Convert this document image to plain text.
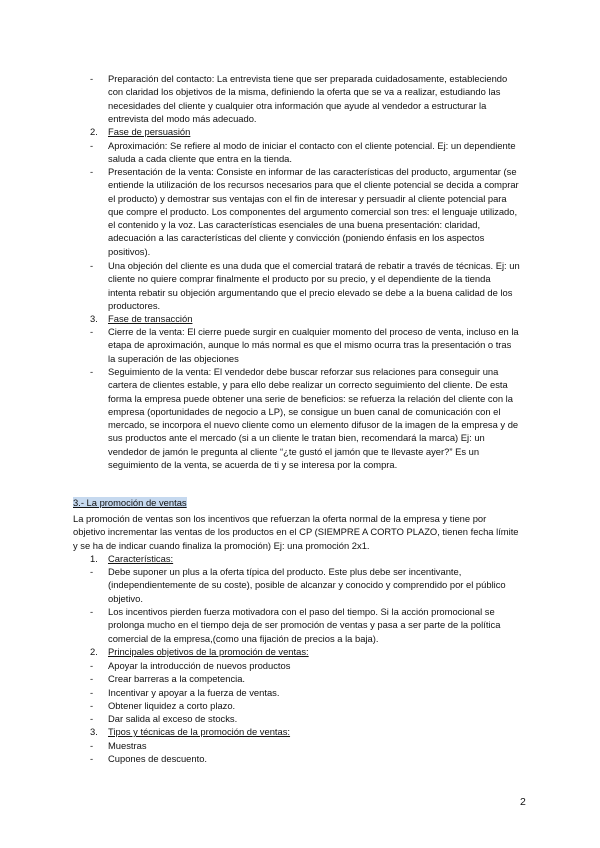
-
Preparación del contacto: La entrevista tiene que ser preparada cuidadosamente, estableciendo con claridad los objetivos de la misma, definiendo la oferta que se va a realizar, estudiando las necesidades del cliente y cualquier otra información que ayude al vendedor a estructurar la entrevista del modo más adecuado.
2. Fase de persuasión
-
Aproximación: Se refiere al modo de iniciar el contacto con el cliente potencial. Ej: un dependiente saluda a cada cliente que entra en la tienda.
-
Presentación de la venta: Consiste en informar de las características del producto, argumentar (se entiende la utilización de los recursos necesarios para que el cliente potencial se decida a comprar el producto) y demostrar sus ventajas con el fin de interesar y persuadir al cliente potencial para que compre el producto. Los componentes del argumento comercial son tres: el lenguaje utilizado, el contenido y la voz. Las características esenciales de una buena presentación: claridad, adecuación a las características del cliente y convicción (poniendo énfasis en los aspectos positivos).
-
Una objeción del cliente es una duda que el comercial tratará de rebatir a través de técnicas. Ej: un cliente no quiere comprar finalmente el producto por su precio, y el dependiente de la tienda intenta rebatir su objeción argumentando que el precio elevado se debe a la buena calidad de los productores.
3. Fase de transacción
-
Cierre de la venta: El cierre puede surgir en cualquier momento del proceso de venta, incluso en la etapa de aproximación, aunque lo más normal es que el mismo ocurra tras la presentación o tras la superación de las objeciones
-
Seguimiento de la venta: El vendedor debe buscar reforzar sus relaciones para conseguir una cartera de clientes estable, y para ello debe realizar un correcto seguimiento del cliente. De esta forma la empresa puede obtener una serie de beneficios: se refuerza la relación del cliente con la empresa (oportunidades de negocio a LP), se consigue un buen canal de comunicación con el mercado, se incorpora el nuevo cliente como un elemento difusor de la imagen de la empresa y de sus productos ante el mercado (si a un cliente le tratan bien, recomendará la marca) Ej: un vendedor de jamón le pregunta al cliente “¿te gustó el jamón que te llevaste ayer?” Es un seguimiento de la venta, se acuerda de ti y se interesa por la compra.
3.- La promoción de ventas
La promoción de ventas son los incentivos que refuerzan la oferta normal de la empresa y tiene por objetivo incrementar las ventas de los productos en el CP (SIEMPRE A CORTO PLAZO, tienen fecha límite y se ha de indicar cuando finaliza la promoción) Ej: una promoción 2x1.
1. Características:
-
Debe suponer un plus a la oferta típica del producto. Este plus debe ser incentivante,(independientemente de su coste), posible de alcanzar y conocido y comprendido por el público objetivo.
-
Los incentivos pierden fuerza motivadora con el paso del tiempo. Si la acción promocional se prolonga mucho en el tiempo deja de ser promoción de ventas y pasa a ser parte de la política comercial de la empresa,(como una fijación de precios a la baja).
2. Principales objetivos de la promoción de ventas:
-
Apoyar la introducción de nuevos productos
-
Crear barreras a la competencia.
-
Incentivar y apoyar a la fuerza de ventas.
-
Obtener liquidez a corto plazo.
-
Dar salida al exceso de stocks.
3. Tipos y técnicas de la promoción de ventas:
-
Muestras
-
Cupones de descuento.
2
